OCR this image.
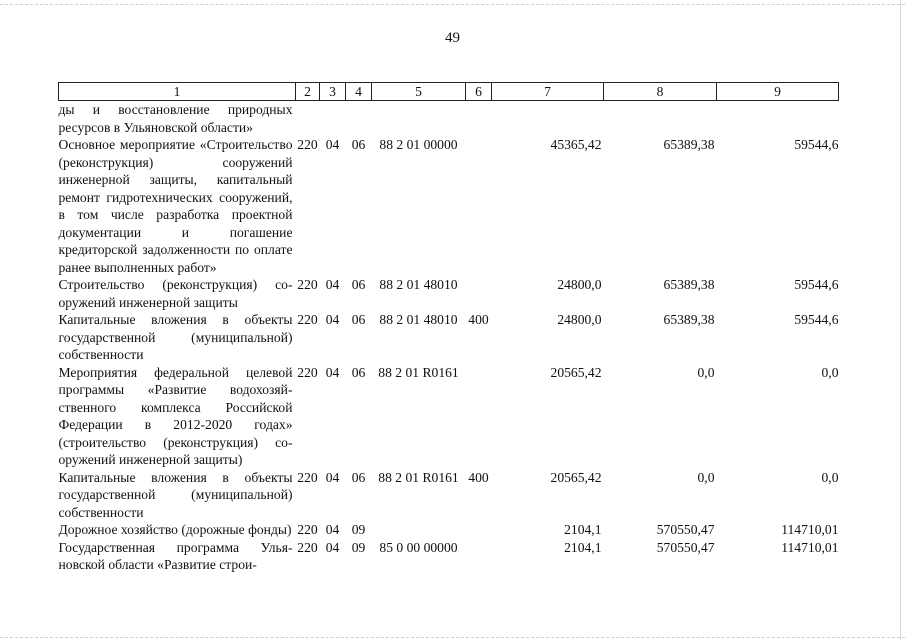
49
1	2	3	4	5	6	7	8	9
ды и восстановление природных ресурсов в Ульяновской области»								
Основное мероприятие «Строительство (реконструкция) сооружений инженерной защиты, капитальный ремонт гидротехнических сооружений, в том числе разработка проектной документации и погашение кредиторской задолженности по оплате ранее выполненных работ»	220	04	06	88 2 01 00000		45365,42	65389,38	59544,6
Строительство (реконструкция) сооружений инженерной защиты	220	04	06	88 2 01 48010		24800,0	65389,38	59544,6
Капитальные вложения в объекты государственной (муниципальной) собственности	220	04	06	88 2 01 48010	400	24800,0	65389,38	59544,6
Мероприятия федеральной целевой программы «Развитие водохозяйственного комплекса Российской Федерации в 2012-2020 годах» (строительство (реконструкция) сооружений инженерной защиты)	220	04	06	88 2 01 R0161		20565,42	0,0	0,0
Капитальные вложения в объекты государственной (муниципальной) собственности	220	04	06	88 2 01 R0161	400	20565,42	0,0	0,0
Дорожное хозяйство (дорожные фонды)	220	04	09			2104,1	570550,47	114710,01
Государственная программа Ульяновской области «Развитие строи-	220	04	09	85 0 00 00000		2104,1	570550,47	114710,01
